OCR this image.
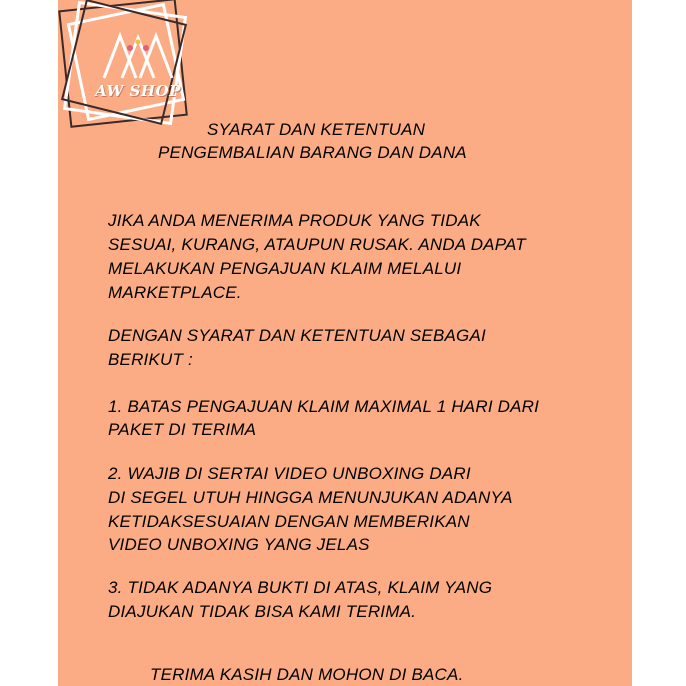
AW SHOP
SYARAT DAN KETENTUAN
PENGEMBALIAN BARANG DAN DANA
JIKA ANDA MENERIMA PRODUK YANG TIDAK
SESUAI, KURANG, ATAUPUN RUSAK. ANDA DAPAT
MELAKUKAN PENGAJUAN KLAIM MELALUI
MARKETPLACE.
DENGAN SYARAT DAN KETENTUAN SEBAGAI
BERIKUT :
1. BATAS PENGAJUAN KLAIM MAXIMAL 1 HARI DARI
PAKET DI TERIMA
2. WAJIB DI SERTAI VIDEO UNBOXING DARI
DI SEGEL UTUH HINGGA MENUNJUKAN ADANYA
KETIDAKSESUAIAN DENGAN MEMBERIKAN
VIDEO UNBOXING YANG JELAS
3. TIDAK ADANYA BUKTI DI ATAS, KLAIM YANG
DIAJUKAN TIDAK BISA KAMI TERIMA.
TERIMA KASIH DAN MOHON DI BACA.
